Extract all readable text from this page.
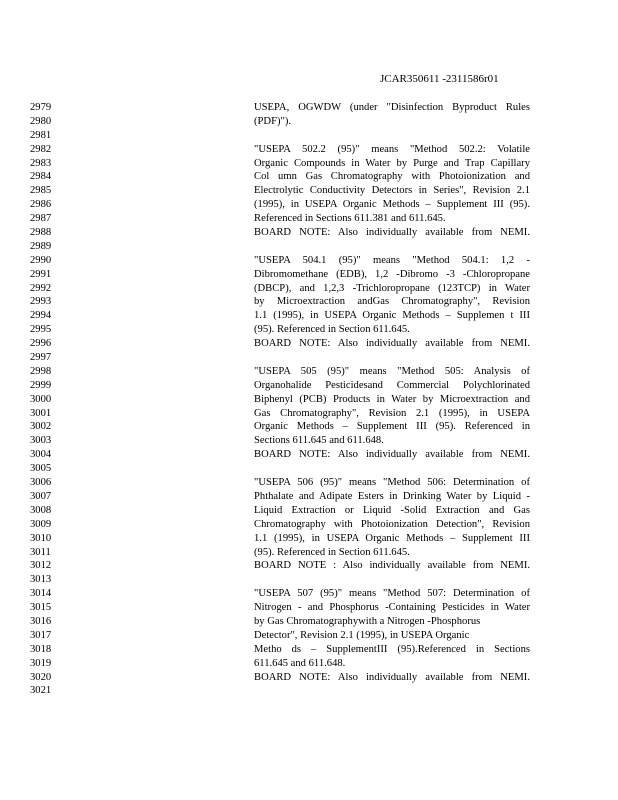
JCAR350611 -2311586r01
2979	USEPA, OGWDW (under "Disinfection Byproduct Rules
2980	(PDF)").
2981
2982	"USEPA 502.2 (95)" means "Method 502.2: Volatile
2983	Organic Compounds in Water by Purge and Trap Capillary
2984	Col umn Gas Chromatography with Photoionization and
2985	Electrolytic Conductivity Detectors in Series", Revision 2.1
2986	(1995), in USEPA Organic Methods – Supplement III (95).
2987	Referenced in Sections 611.381 and 611.645.
2988	BOARD NOTE: Also individually available from NEMI.
2989
2990	"USEPA 504.1 (95)" means "Method 504.1: 1,2 -
2991	Dibromomethane (EDB), 1,2 -Dibromo -3 -Chloropropane
2992	(DBCP), and 1,2,3 -Trichloropropane (123TCP) in Water
2993	by Microextraction andGas Chromatography", Revision
2994	1.1 (1995), in USEPA Organic Methods – Supplemen t III
2995	(95). Referenced in Section 611.645.
2996	BOARD NOTE: Also individually available from NEMI.
2997
2998	"USEPA 505 (95)" means "Method 505: Analysis of
2999	Organohalide Pesticidesand Commercial Polychlorinated
3000	Biphenyl (PCB) Products in Water by Microextraction and
3001	Gas Chromatography", Revision 2.1 (1995), in USEPA
3002	Organic Methods – Supplement III (95). Referenced in
3003	Sections 611.645 and 611.648.
3004	BOARD NOTE: Also individually available from NEMI.
3005
3006	"USEPA 506 (95)" means "Method 506: Determination of
3007	Phthalate and Adipate Esters in Drinking Water by Liquid -
3008	Liquid Extraction or Liquid -Solid Extraction and Gas
3009	Chromatography with Photoionization Detection", Revision
3010	1.1 (1995), in USEPA Organic Methods – Supplement III
3011	(95). Referenced in Section 611.645.
3012	BOARD NOTE : Also individually available from NEMI.
3013
3014	"USEPA 507 (95)" means "Method 507: Determination of
3015	Nitrogen - and Phosphorus -Containing Pesticides in Water
3016	by Gas Chromatographywith a Nitrogen -Phosphorus
3017	Detector", Revision 2.1 (1995), in USEPA Organic
3018	Metho ds – SupplementIII (95).Referenced in Sections
3019	611.645 and 611.648.
3020	BOARD NOTE: Also individually available from NEMI.
3021
